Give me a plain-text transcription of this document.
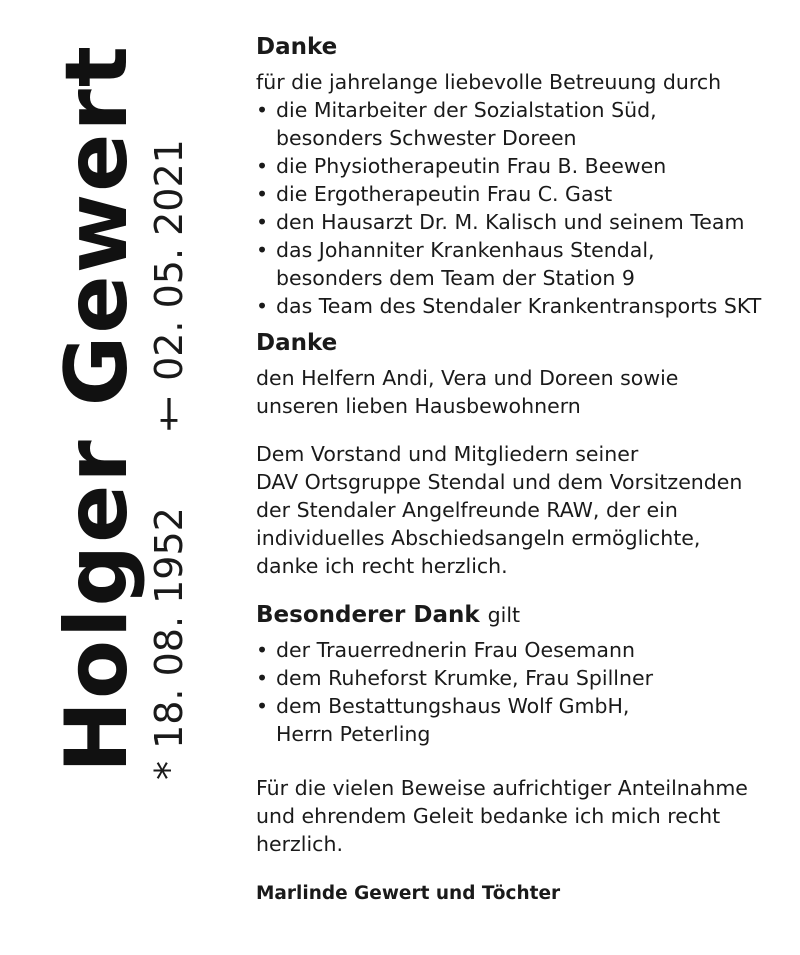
Holger Gewert * 18. 08. 1952
† 02. 05. 2021
Danke

für die jahrelange liebevolle Betreuung durch

• die Mitarbeiter der Sozialstation Süd,
besonders Schwester Doreen
• die Physiotherapeutin Frau B. Beewen
• die Ergotherapeutin Frau C. Gast
• den Hausarzt Dr. M. Kalisch und seinem Team
• das Johanniter Krankenhaus Stendal,
besonders dem Team der Station 9
• das Team des Stendaler Krankentransports SKT
Danke

den Helfern Andi, Vera und Doreen sowie
unseren lieben Hausbewohnern

Dem Vorstand und Mitgliedern seiner
DAV Ortsgruppe Stendal und dem Vorsitzenden
der Stendaler Angelfreunde RAW, der ein
individuelles Abschiedsangeln ermöglichte,
danke ich recht herzlich.

Besonderer Dank gilt
• der Trauerrednerin Frau Oesemann
• dem Ruheforst Krumke, Frau Spillner
• dem Bestattungshaus Wolf GmbH,
Herrn Peterling

Für die vielen Beweise aufrichtiger Anteilnahme
und ehrendem Geleit bedanke ich mich recht
herzlich.

Marlinde Gewert und Töchter
